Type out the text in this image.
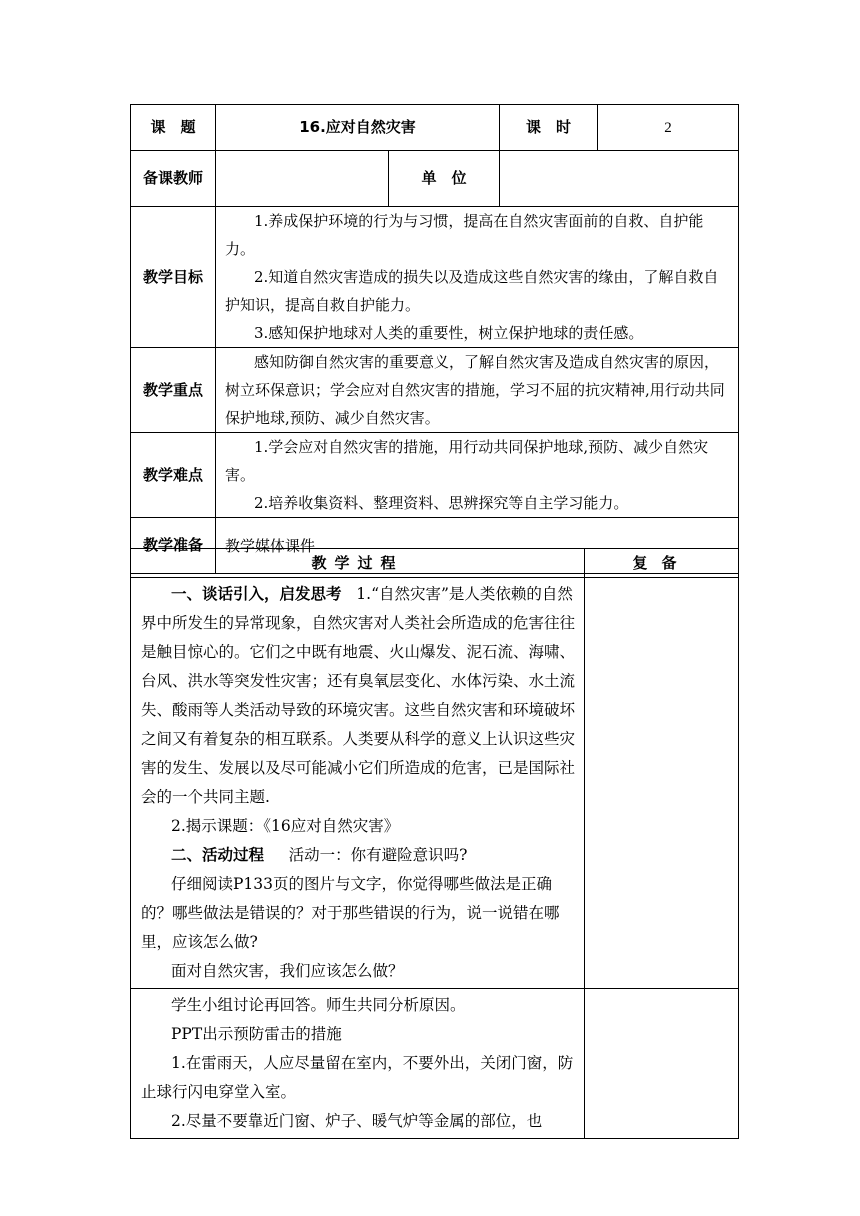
课　题	16.应对自然灾害		课　时	2
备课教师		单　位		
教学目标	1.养成保护环境的行为与习惯，提高在自然灾害面前的自救、自护能力。
2.知道自然灾害造成的损失以及造成这些自然灾害的缘由，了解自救自护知识，提高自救自护能力。
3.感知保护地球对人类的重要性，树立保护地球的责任感。			

教学重点	感知防御自然灾害的重要意义，了解自然灾害及造成自然灾害的原因，树立环保意识；学会应对自然灾害的措施，学习不屈的抗灾精神,用行动共同保护地球,预防、减少自然灾害。			

教学难点	1.学会应对自然灾害的措施，用行动共同保护地球,预防、减少自然灾害。
2.培养收集资料、整理资料、思辨探究等自主学习能力。			

教学准备	教学媒体课件			
教学过程	复备

一、谈话引入，启发思考 1.“自然灾害”是人类依赖的自然界中所发生的异常现象，自然灾害对人类社会所造成的危害往往是触目惊心的。它们之中既有地震、火山爆发、泥石流、海啸、台风、洪水等突发性灾害；还有臭氧层变化、水体污染、水土流失、酸雨等人类活动导致的环境灾害。这些自然灾害和环境破坏之间又有着复杂的相互联系。人类要从科学的意义上认识这些灾害的发生、发展以及尽可能减小它们所造成的危害，已是国际社会的一个共同主题.

2.揭示课题：《16应对自然灾害》

二、活动过程 活动一：你有避险意识吗?

仔细阅读P133页的图片与文字，你觉得哪些做法是正确的？哪些做法是错误的？对于那些错误的行为，说一说错在哪里，应该怎么做?

面对自然灾害，我们应该怎么做？	

学生小组讨论再回答。师生共同分析原因。

PPT出示预防雷击的措施

1.在雷雨天，人应尽量留在室内，不要外出，关闭门窗，防　　止球行闪电穿堂入室。

2.尽量不要靠近门窗、炉子、暖气炉等金属的部位，也	
